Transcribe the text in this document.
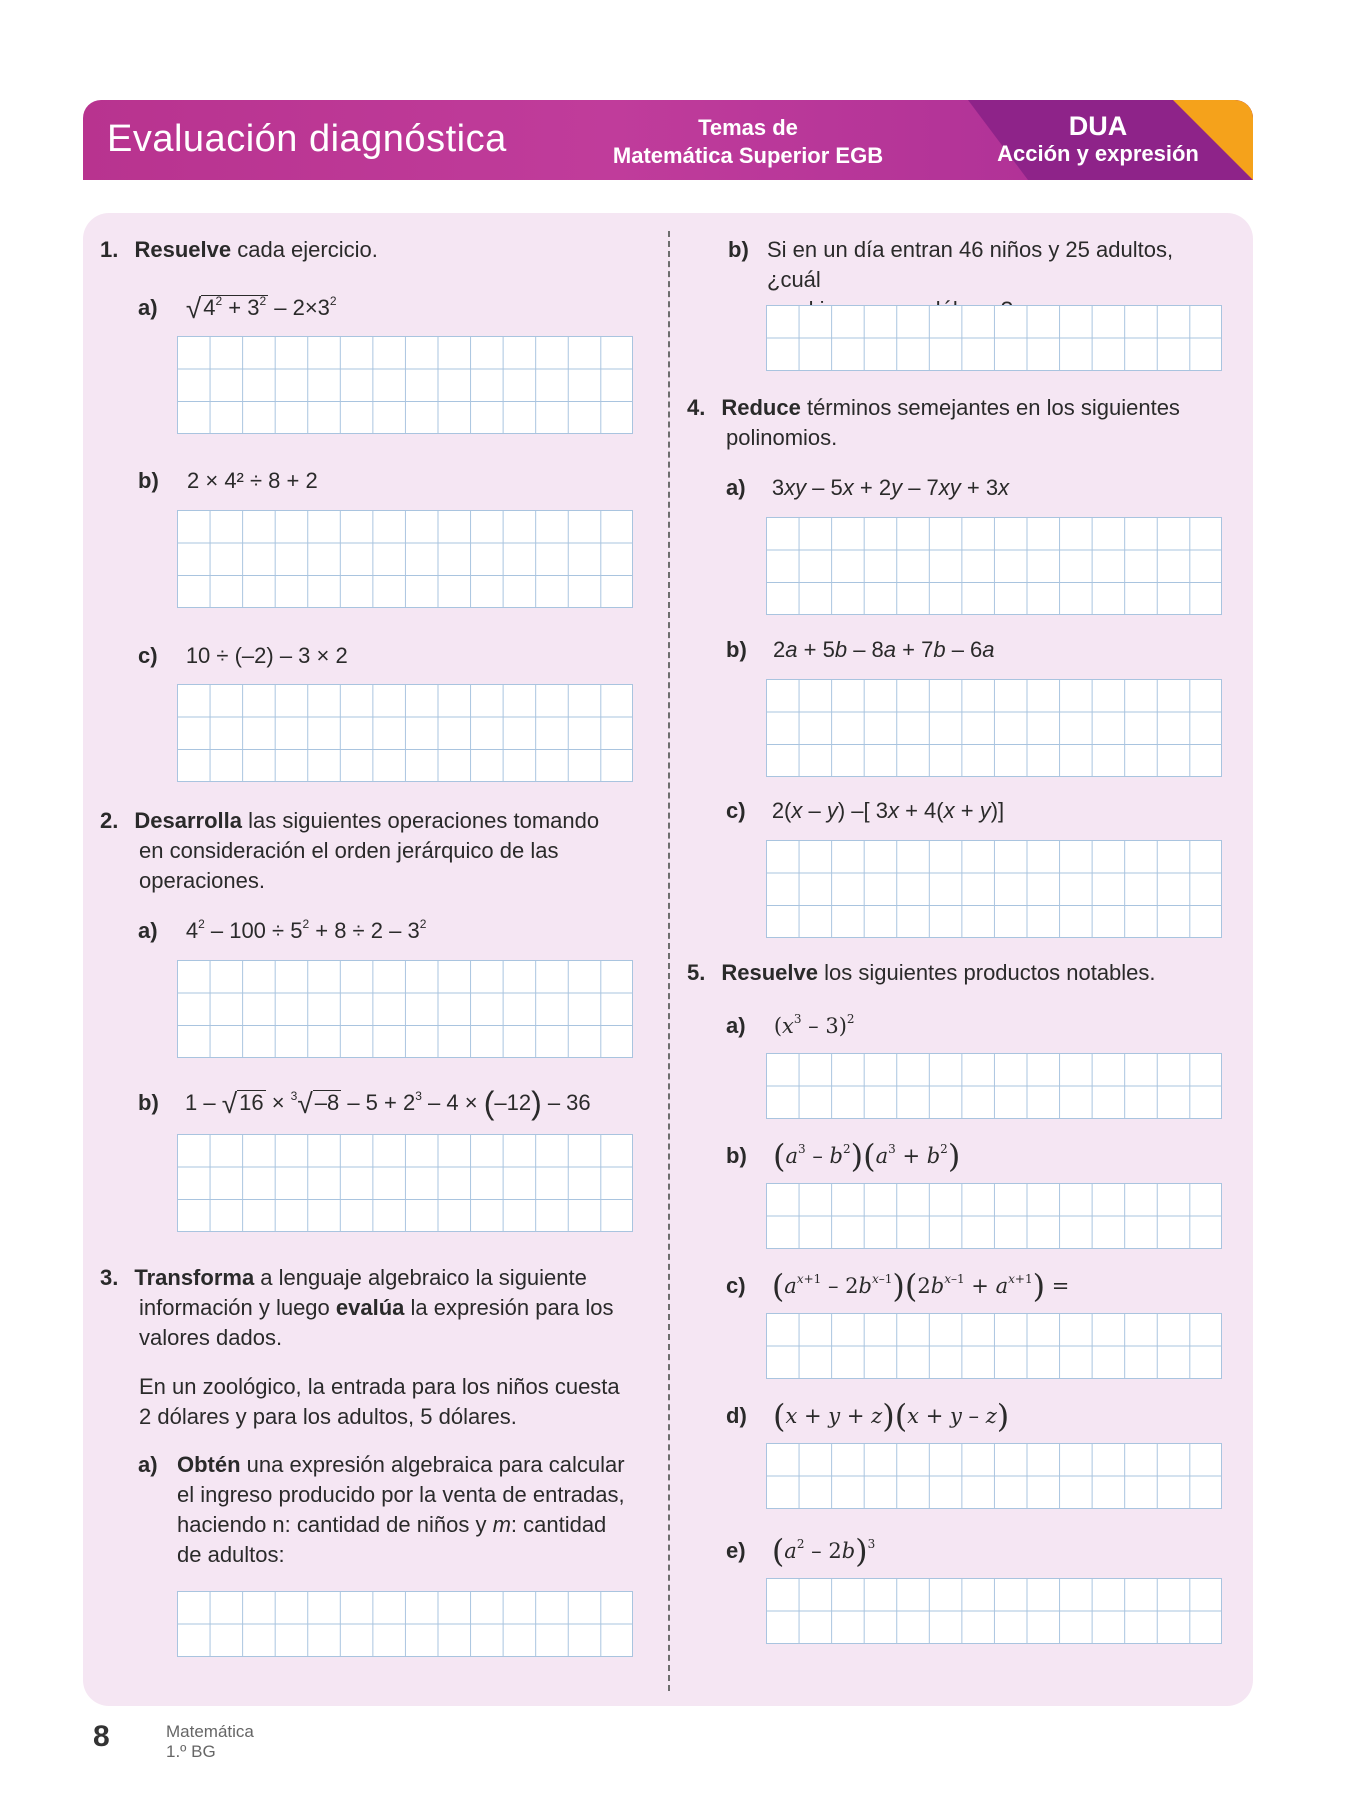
Evaluación diagnóstica	Temas de
Matemática Superior EGB
DUA
Acción y expresión
1. Resuelve cada ejercicio.
a) $√4^2 + 3^2 - 2\times 3^2$
b) 2 × 4² ÷ 8 + 2
c) 10 ÷ (–2) – 3 × 2
2. Desarrolla las siguientes operaciones tomando
en consideración el orden jerárquico de las
operaciones.
a) $4^2 - 100 \div 5^2 + 8 \div 2 - 3^2$
b) $1 - √16 \times ^3√-8 - 5 + 2^3 - 4 \times (-12) - 36$
3. Transforma a lenguaje algebraico la siguiente
información y luego evalúa la expresión para los
valores dados.
En un zoológico, la entrada para los niños cuesta
2 dólares y para los adultos, 5 dólares.
a) Obtén una expresión algebraica para calcular
el ingreso producido por la venta de entradas,
haciendo n: cantidad de niños y m: cantidad
de adultos:
b) Si en un día entran 46 niños y 25 adultos, ¿cuál
4. Reduce términos semejantes en los siguientes
polinomios.
a) 3xy – 5x + 2y – 7xy + 3x
b) 2a + 5b – 8a + 7b – 6a
c) 2(x – y) –[ 3x + 4(x + y)]
5. Resuelve los siguientes productos notables.
a) $(x^3 - 3)^2$
b) $(a^3 - b^2)(a^3 + b^2)$
c) $(a^{x+1} - 2b^{x-1})(2b^{x-1} + a^{x+1})$ =
d) (x + y + z)(x + y – z)
e) $(a^2 - 2b)^3$
8	Matemática
1.º BG
